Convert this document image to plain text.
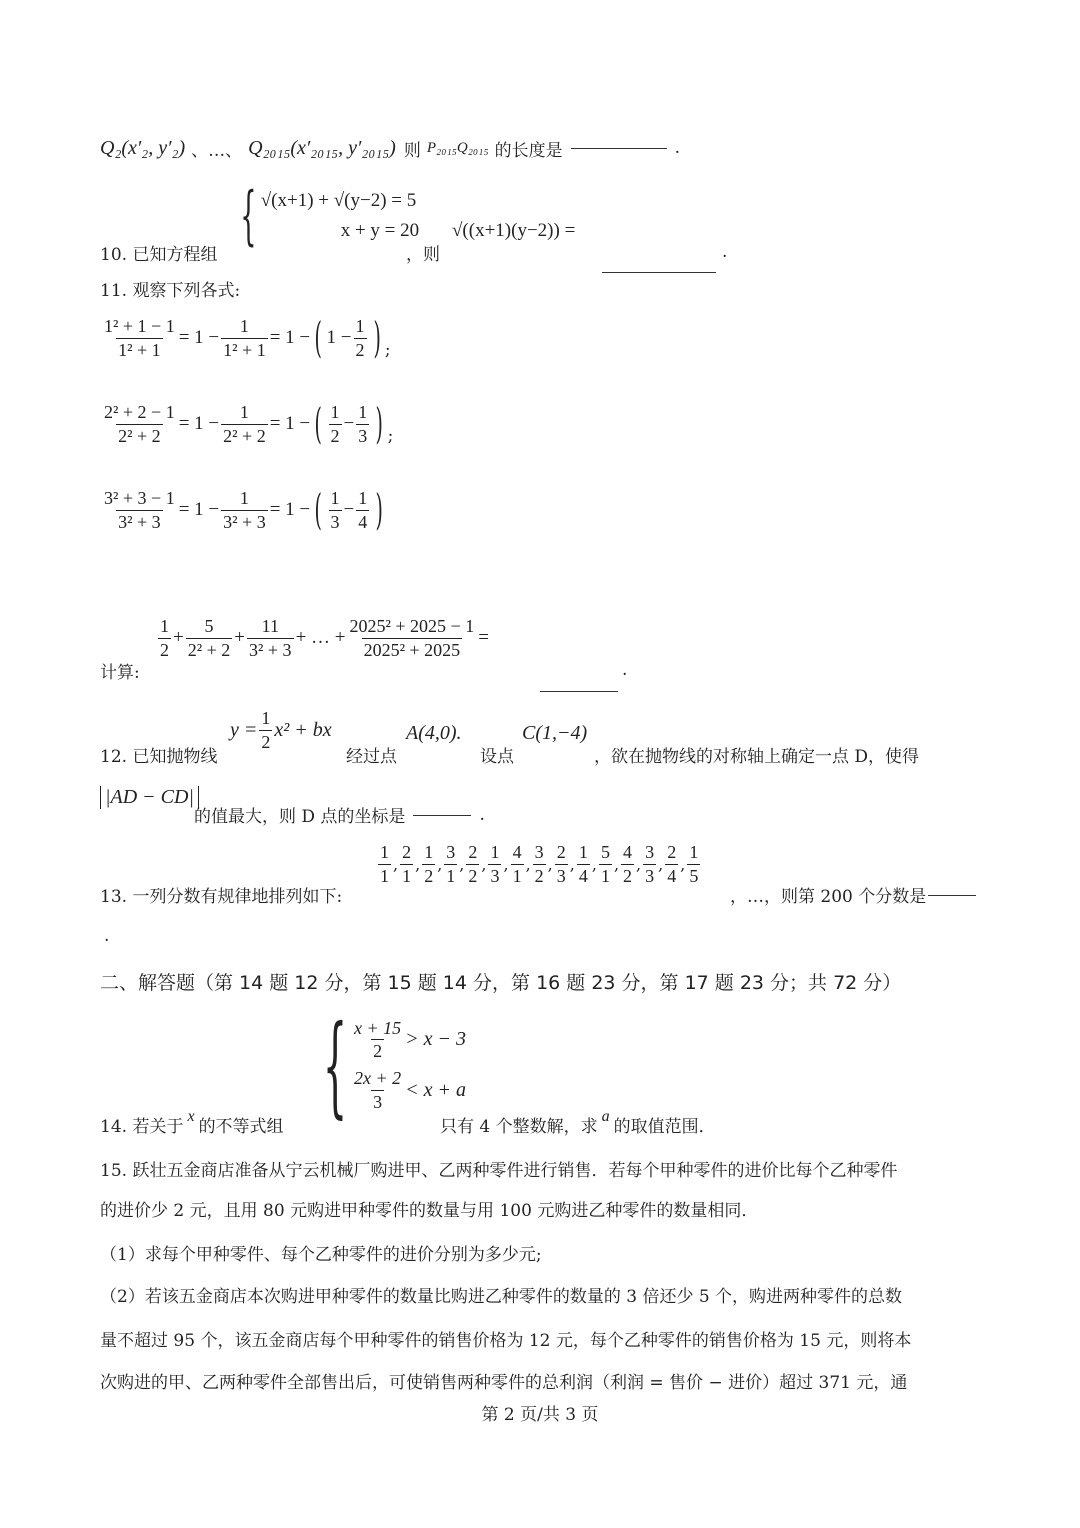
Q₂(x′₂, y′₂) 、…、 Q₂₀₁₅(x′₂₀₁₅, y′₂₀₁₅) 则 P₂₀₁₅Q₂₀₁₅ 的长度是	.
{ √(x+1) + √(y−2) = 5
x + y = 20
10. 已知方程组	，则
√((x+1)(y−2)) =
.
11. 观察下列各式:
$\frac{\text{1² + 1 − 1}}{\text{1² + 1}} = 1 - \frac{1}{\text{1² + 1}} = 1$ − ( $1 - \frac{1}{2}$ ) ;
$\frac{\text{2² + 2 − 1}}{\text{2² + 2}} = 1 - \frac{1}{\text{2² + 2}} = 1$ − ( $\frac{1}{2} - \frac{1}{3}$ ) ;
$\frac{\text{3² + 3 − 1}}{\text{3² + 3}} = 1 - \frac{1}{\text{3² + 3}} = 1$ − ( $\frac{1}{3} - \frac{1}{4}$ )
$\frac{1}{2} + \frac{5}{\text{2² + 2}} + \frac{11}{\text{3² + 3}}$ + … + $\frac{\text{2025² + 2025 − 1}}{\text{2025² + 2025}}$ =
计算:	.
$y = \frac{1}{2} x^2$ + bx
12. 已知抛物线	经过点
A(4,0).
设点
C(1,−4)
，欲在抛物线的对称轴上确定一点 D，使得
|AD − CD|
的值最大，则 D 点的坐标是	.
$\frac{1}{1}$ , $\frac{2}{1}$ , $\frac{1}{2}$ , $\frac{3}{1}$ , $\frac{2}{2}$ , $\frac{1}{3}$ , $\frac{4}{1}$ , $\frac{3}{2}$ , $\frac{2}{3}$ , $\frac{1}{4}$ , $\frac{5}{1}$ , $\frac{4}{2}$ , $\frac{3}{3}$ , $\frac{2}{4}$ , $\frac{1}{5}$
13. 一列分数有规律地排列如下:	，…，则第 200 个分数是
.
二、解答题（第 14 题 12 分，第 15 题 14 分，第 16 题 23 分，第 17 题 23 分；共 72 分）
{ $\frac{x + 15}{2} > x - 3$
$\frac{2x + 2}{3} < x + a$
14. 若关于
x
的不等式组	只有 4 个整数解，求
a
的取值范围．
15. 跃壮五金商店准备从宁云机械厂购进甲、乙两种零件进行销售．若每个甲种零件的进价比每个乙种零件
的进价少 2 元，且用 80 元购进甲种零件的数量与用 100 元购进乙种零件的数量相同．
（1）求每个甲种零件、每个乙种零件的进价分别为多少元;
（2）若该五金商店本次购进甲种零件的数量比购进乙种零件的数量的 3 倍还少 5 个，购进两种零件的总数
量不超过 95 个，该五金商店每个甲种零件的销售价格为 12 元，每个乙种零件的销售价格为 15 元，则将本
次购进的甲、乙两种零件全部售出后，可使销售两种零件的总利润（利润 = 售价 − 进价）超过 371 元，通
第 2 页/共 3 页
